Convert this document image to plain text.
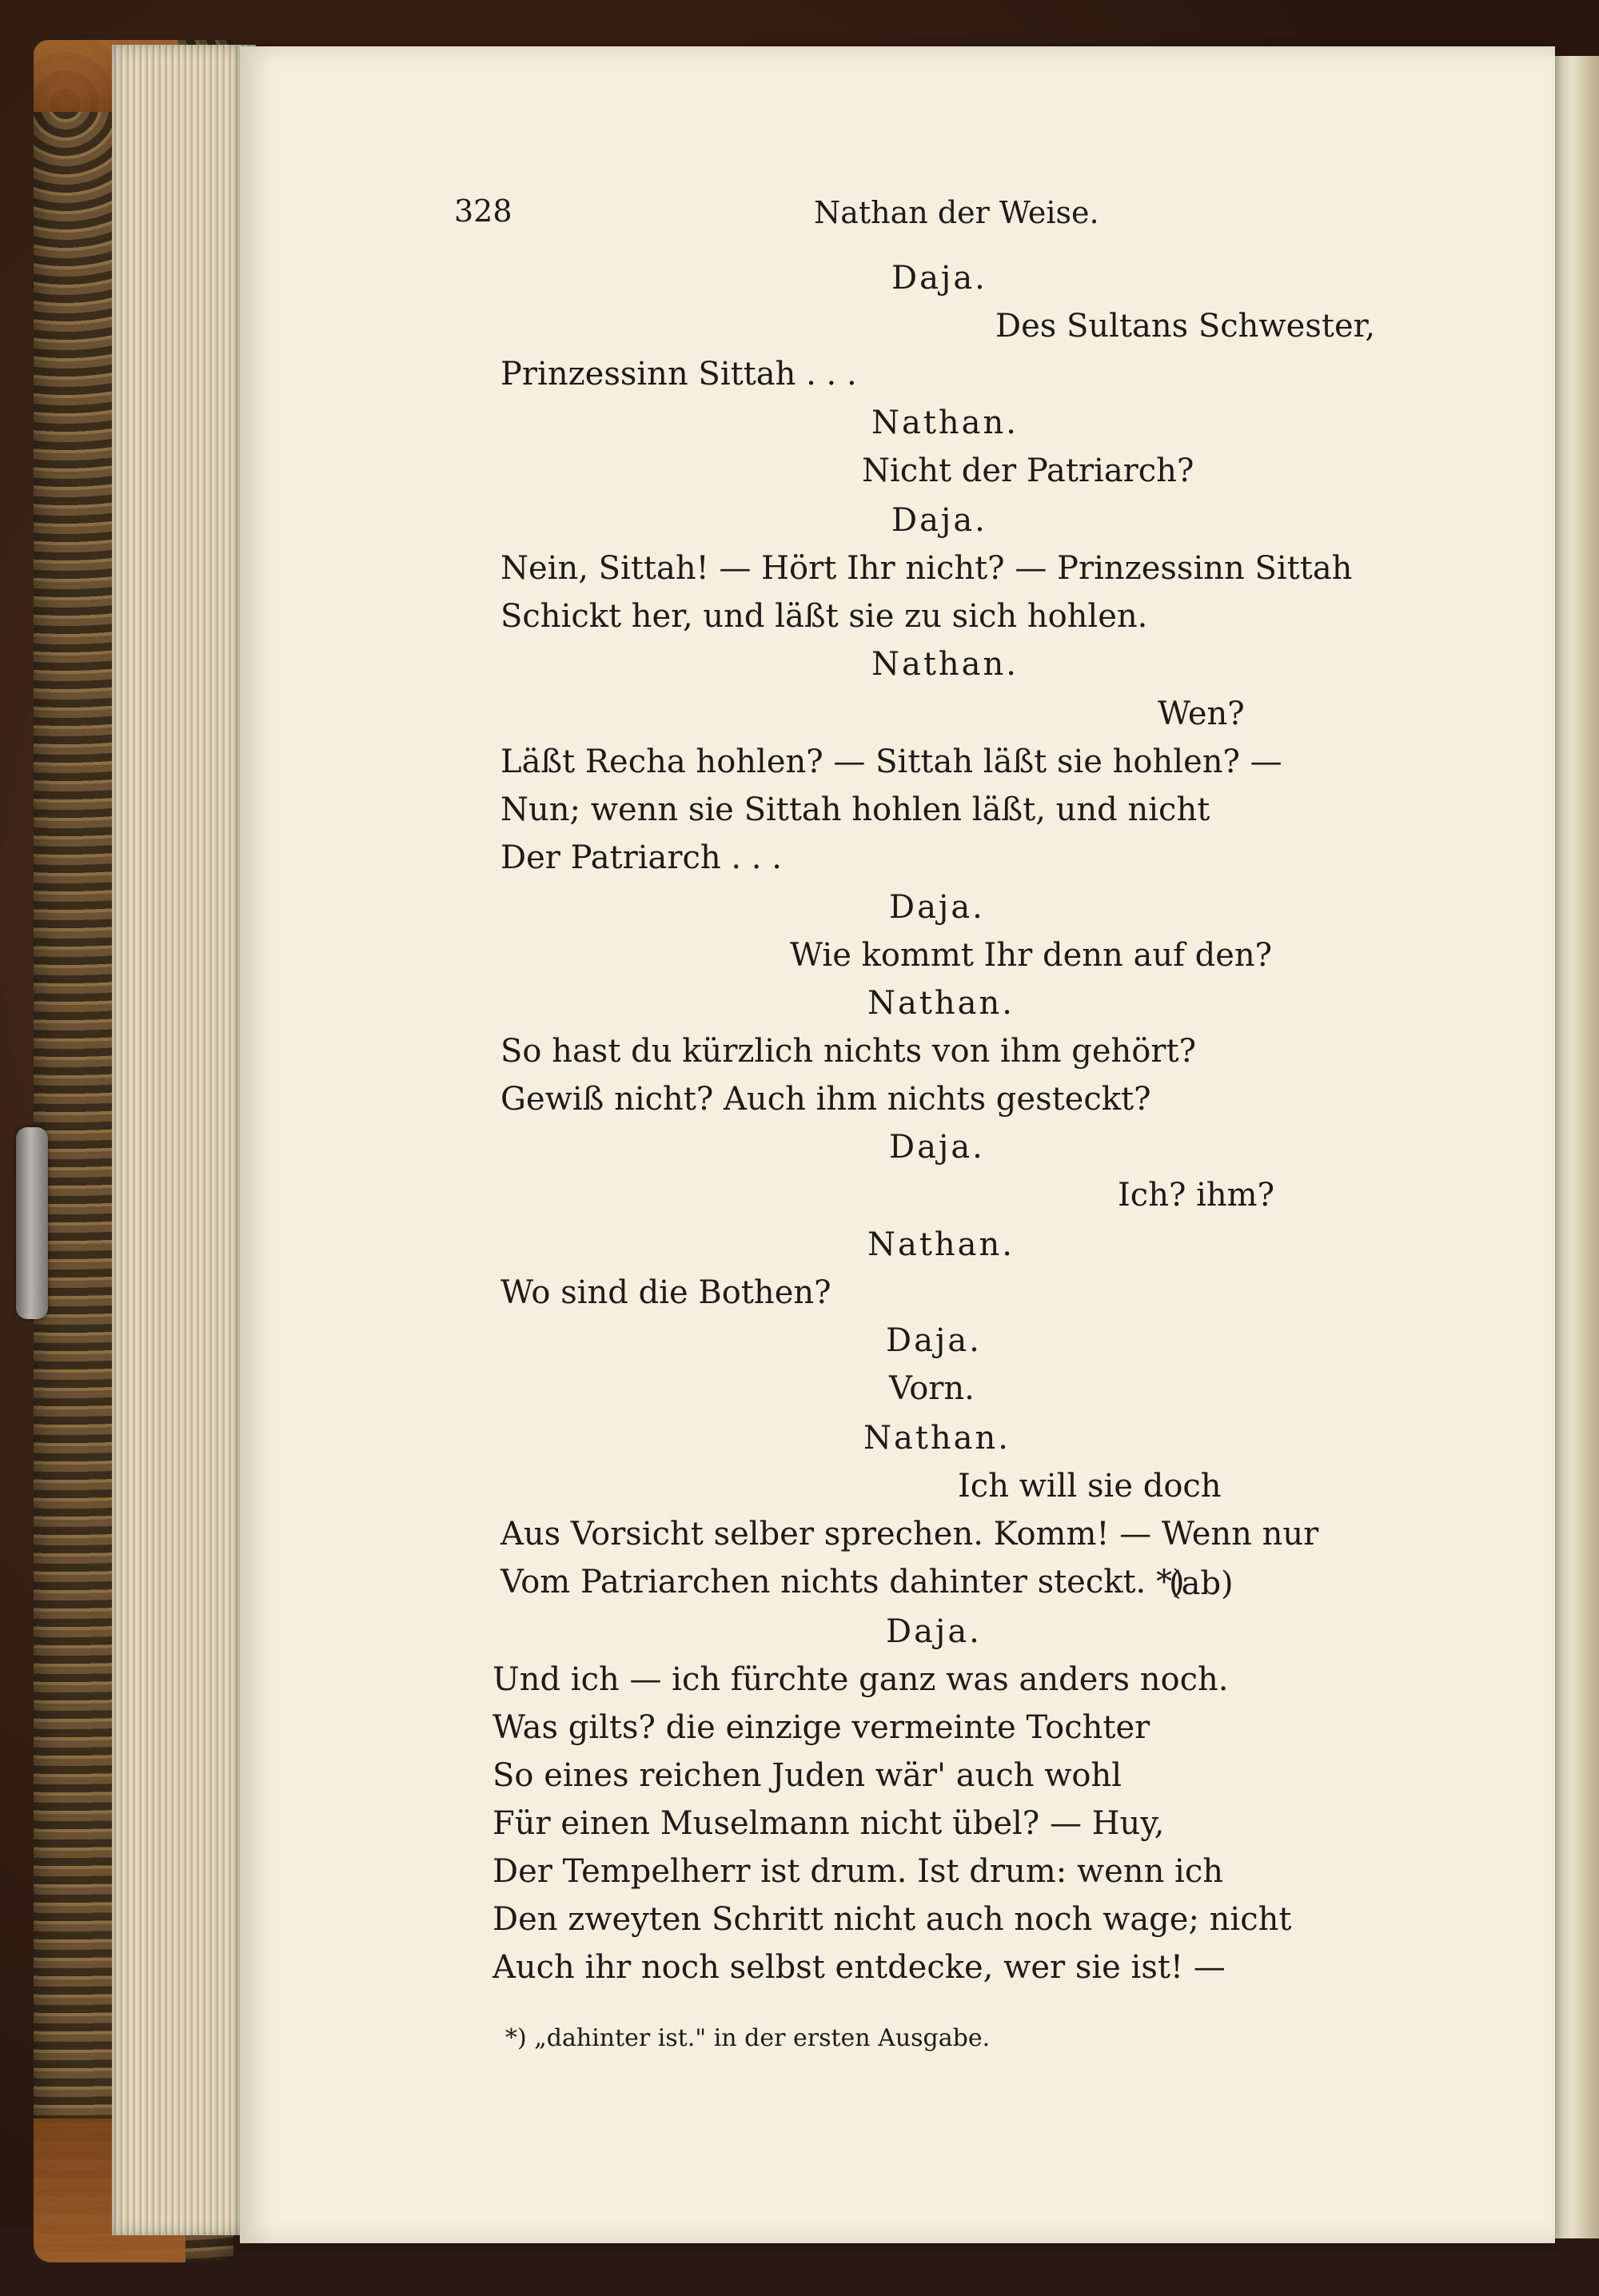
328	Nathan der Weise.
Daja.
Des Sultans Schwester,
Prinzessinn Sittah . . .
Nathan.
Nicht der Patriarch?
Daja.
Nein, Sittah! — Hört Ihr nicht? — Prinzessinn Sittah
Schickt her, und läßt sie zu sich hohlen.
Nathan.
Wen?
Läßt Recha hohlen? — Sittah läßt sie hohlen? —
Nun; wenn sie Sittah hohlen läßt, und nicht
Der Patriarch . . .
Daja.
Wie kommt Ihr denn auf den?
Nathan.
So hast du kürzlich nichts von ihm gehört?
Gewiß nicht? Auch ihm nichts gesteckt?
Daja.
Ich? ihm?
Nathan.
Wo sind die Bothen?
Daja.
Vorn.
Nathan.
Ich will sie doch
Aus Vorsicht selber sprechen. Komm! — Wenn nur
Vom Patriarchen nichts dahinter steckt. *)
(ab)
Daja.
Und ich — ich fürchte ganz was anders noch.
Was gilts? die einzige vermeinte Tochter
So eines reichen Juden wär' auch wohl
Für einen Muselmann nicht übel? — Huy,
Der Tempelherr ist drum. Ist drum: wenn ich
Den zweyten Schritt nicht auch noch wage; nicht
Auch ihr noch selbst entdecke, wer sie ist! —
*) „dahinter ist." in der ersten Ausgabe.
